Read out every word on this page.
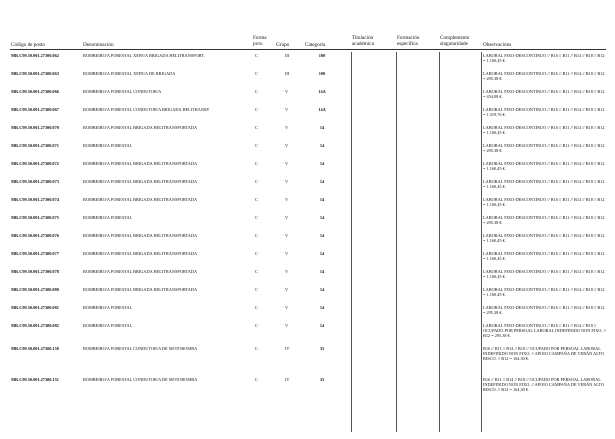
Código de posto	Denominación
Forma prov.	Grupo	Categoría
Titulación académica
Formación específica
Complemento singularidade	Observacións
MR.C99.50.001.27300.062	BOMBEIRO/A FORESTAL XEFE/A BRIGADA HELITRANSPORT.	C	III	100	LABORAL FIXO-DESCONTINUO // B16 // B11 // B14 // B18 // B12 = 1.160,45 €.
MR.C99.50.001.27300.063	BOMBEIRO/A FORESTAL XEFE/A DE BRIGADA	C	III	100	LABORAL FIXO-DESCONTINUO // B16 // B11 // B14 // B18 // B12 = 295,38 €.
MR.C99.50.001.27300.066	BOMBEIRO/A FORESTAL CONDUTOR/A	C	V	14A	LABORAL FIXO-DESCONTINUO // B16 // B11 // B14 // B18 // B12 = 454,08 €.
MR.C99.50.001.27300.067	BOMBEIRO/A FORESTAL CONDUTOR/A BRIGADA HELITRANSP.	C	V	14A	LABORAL FIXO-DESCONTINUO // B16 // B11 // B14 // B18 // B12 = 1.319,76 €.
MR.C99.50.001.27300.070	BOMBEIRO/A FORESTAL BRIGADA HELITRANSPORTADA	C	V	14	LABORAL FIXO-DESCONTINUO // B16 // B11 // B14 // B18 // B12 = 1.160,45 €.
MR.C99.50.001.27300.071	BOMBEIRO/A FORESTAL	C	V	14	LABORAL FIXO-DESCONTINUO // B16 // B11 // B14 // B18 // B12 = 295,38 €.
MR.C99.50.001.27300.072	BOMBEIRO/A FORESTAL BRIGADA HELITRANSPORTADA	C	V	14	LABORAL FIXO-DESCONTINUO // B16 // B11 // B14 // B18 // B12 = 1.160,45 €.
MR.C99.50.001.27300.073	BOMBEIRO/A FORESTAL BRIGADA HELITRANSPORTADA	C	V	14	LABORAL FIXO-DESCONTINUO // B16 // B11 // B14 // B18 // B12 = 1.160,45 €.
MR.C99.50.001.27300.074	BOMBEIRO/A FORESTAL BRIGADA HELITRANSPORTADA	C	V	14	LABORAL FIXO-DESCONTINUO // B16 // B11 // B14 // B18 // B12 = 1.160,45 €.
MR.C99.50.001.27300.075	BOMBEIRO/A FORESTAL	C	V	14	LABORAL FIXO-DESCONTINUO // B16 // B11 // B14 // B18 // B12 = 295,38 €.
MR.C99.50.001.27300.076	BOMBEIRO/A FORESTAL BRIGADA HELITRANSPORTADA	C	V	14	LABORAL FIXO-DESCONTINUO // B16 // B11 // B14 // B18 // B12 = 1.160,45 €.
MR.C99.50.001.27300.077	BOMBEIRO/A FORESTAL BRIGADA HELITRANSPORTADA	C	V	14	LABORAL FIXO-DESCONTINUO // B16 // B11 // B14 // B18 // B12 = 1.160,45 €.
MR.C99.50.001.27300.078	BOMBEIRO/A FORESTAL BRIGADA HELITRANSPORTADA	C	V	14	LABORAL FIXO-DESCONTINUO // B16 // B11 // B14 // B18 // B12 = 1.160,45 €.
MR.C99.50.001.27300.080	BOMBEIRO/A FORESTAL BRIGADA HELITRANSPORTADA	C	V	14	LABORAL FIXO-DESCONTINUO // B16 // B11 // B14 // B18 // B12 = 1.160,45 €.
MR.C99.50.001.27300.081	BOMBEIRO/A FORESTAL	C	V	14	LABORAL FIXO-DESCONTINUO // B16 // B11 // B14 // B18 // B12 = 295,38 €.
MR.C99.50.001.27300.082	BOMBEIRO/A FORESTAL	C	V	14	LABORAL FIXO-DESCONTINUO // B16 // B11 // B14 // B18 // OCUPADO POR PERSOAL LABORAL INDEFINIDO NON FIXO. // B12 = 295,38 €.
MR.C99.50.001.27300.150	BOMBEIRO/A FORESTAL CONDUTOR/A DE MOTOBOMBA	C	IV	33	B16 // B11 // B14 // B18 // OCUPADO POR PERSOAL LABORAL INDEFINIDO NON FIXO. // APOIO CAMPAÑA DE VERÁN ALTO RISCO. // B12 = 164,30 €.
MR.C99.50.001.27300.151	BOMBEIRO/A FORESTAL CONDUTOR/A DE MOTOBOMBA	C	IV	33	B16 // B11 // B14 // B18 // OCUPADO POR PERSOAL LABORAL INDEFINIDO NON FIXO. // APOIO CAMPAÑA DE VERÁN ALTO RISCO. // B12 = 164,30 €.
